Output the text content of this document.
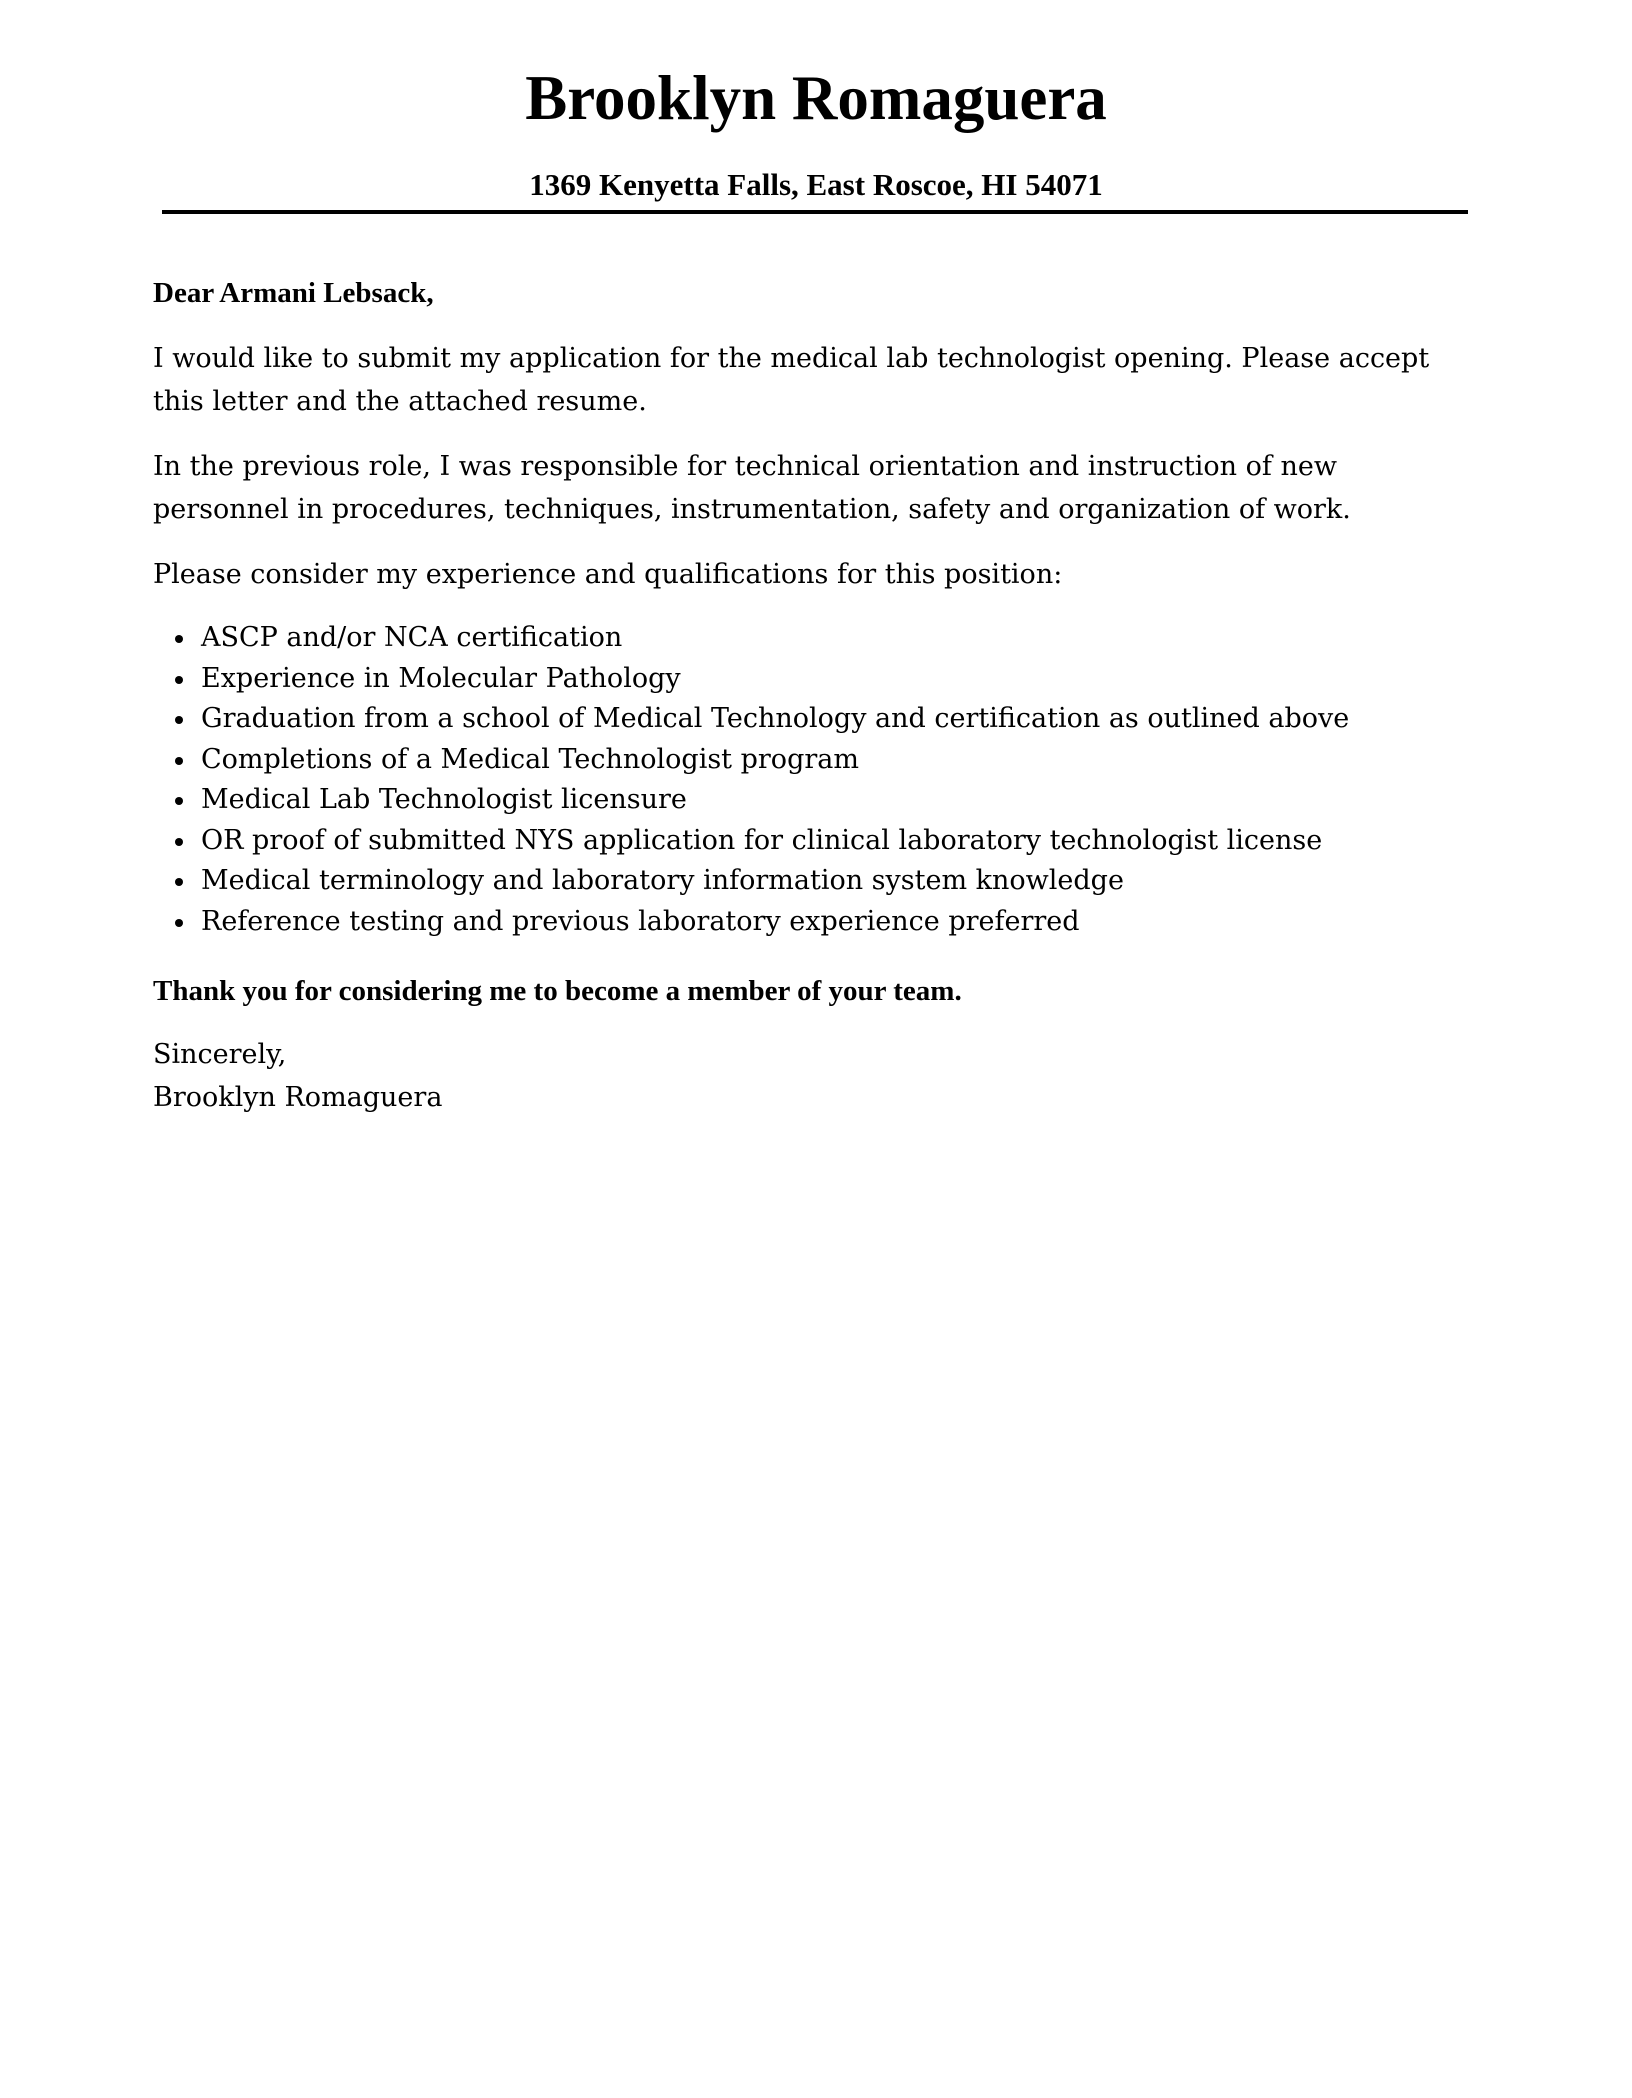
Brooklyn Romaguera
1369 Kenyetta Falls, East Roscoe, HI 54071

Dear Armani Lebsack,

I would like to submit my application for the medical lab technologist opening. Please accept this letter and the attached resume.

In the previous role, I was responsible for technical orientation and instruction of new personnel in procedures, techniques, instrumentation, safety and organization of work.

Please consider my experience and qualifications for this position:

ASCP and/or NCA certification
Experience in Molecular Pathology
Graduation from a school of Medical Technology and certification as outlined above
Completions of a Medical Technologist program
Medical Lab Technologist licensure
OR proof of submitted NYS application for clinical laboratory technologist license
Medical terminology and laboratory information system knowledge
Reference testing and previous laboratory experience preferred

Thank you for considering me to become a member of your team.

Sincerely,
Brooklyn Romaguera
